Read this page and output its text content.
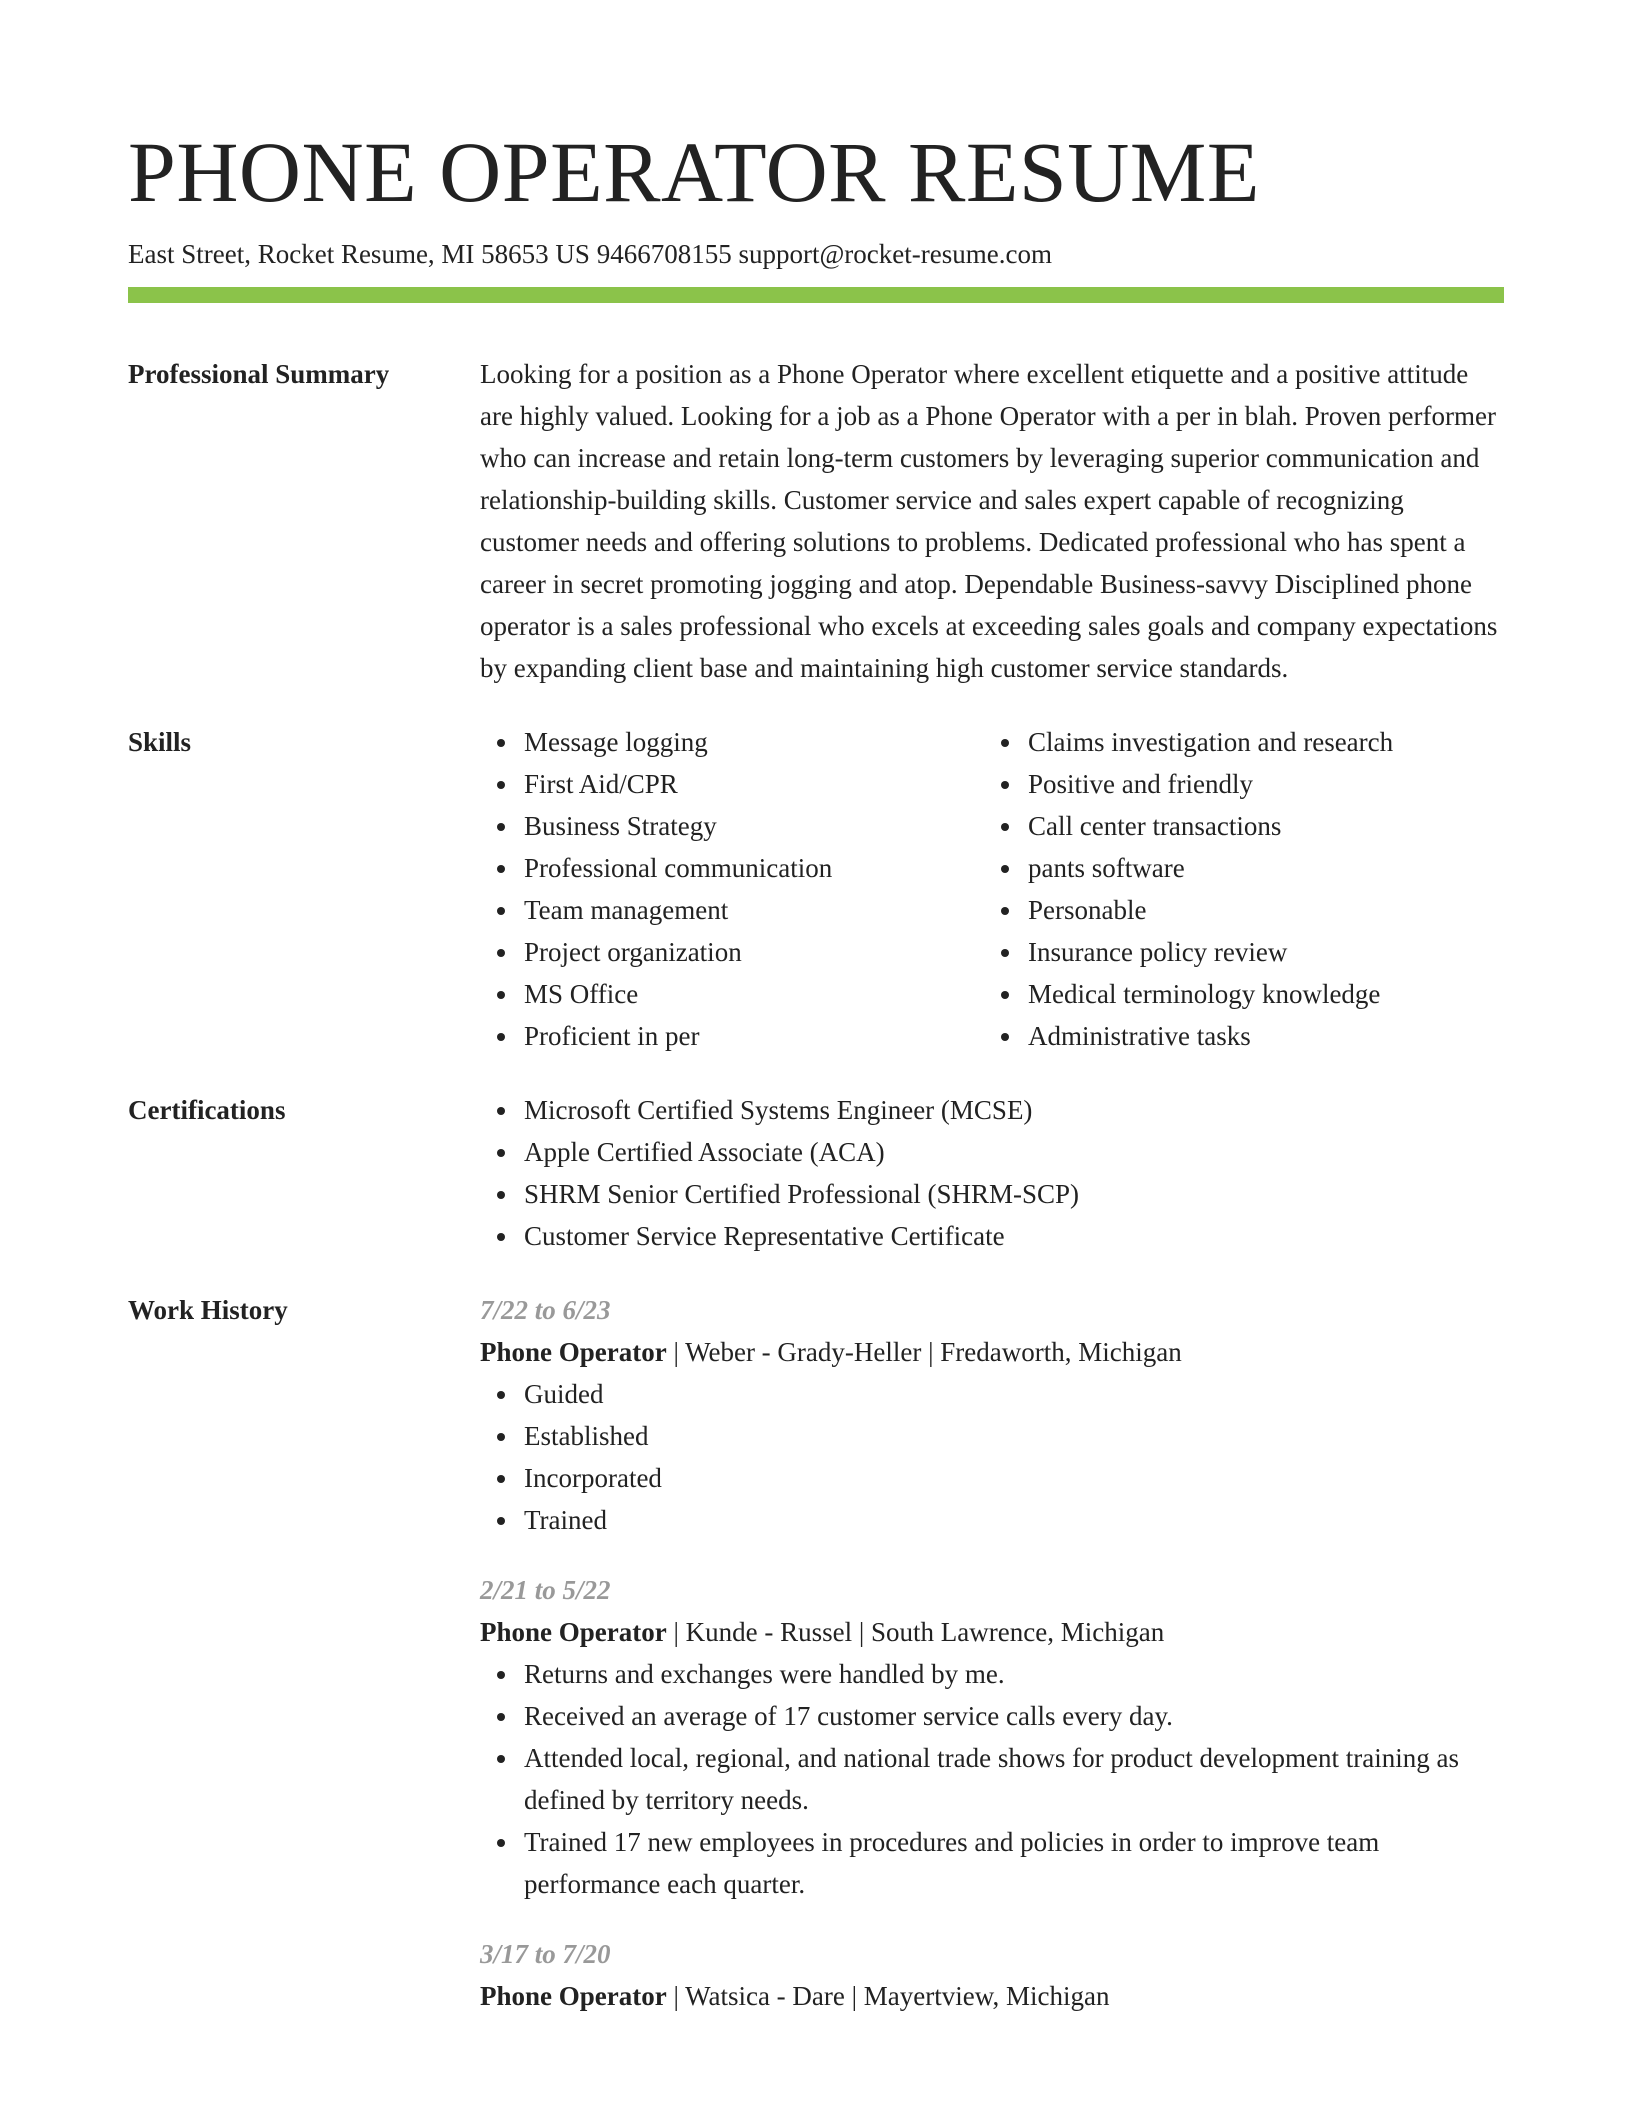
PHONE OPERATOR RESUME
East Street, Rocket Resume, MI 58653 US 9466708155 support@rocket-resume.com
Professional Summary	Looking for a position as a Phone Operator where excellent etiquette and a positive attitude are highly valued. Looking for a job as a Phone Operator with a per in blah. Proven performer who can increase and retain long-term customers by leveraging superior communication and relationship-building skills. Customer service and sales expert capable of recognizing customer needs and offering solutions to problems. Dedicated professional who has spent a career in secret promoting jogging and atop. Dependable Business-savvy Disciplined phone operator is a sales professional who excels at exceeding sales goals and company expectations by expanding client base and maintaining high customer service standards.

Skills	Message logging
First Aid/CPR
Business Strategy
Professional communication
Team management
Project organization
MS Office
Proficient in per
Claims investigation and research
Positive and friendly
Call center transactions
pants software
Personable
Insurance policy review
Medical terminology knowledge
Administrative tasks
Certifications	Microsoft Certified Systems Engineer (MCSE)
Apple Certified Associate (ACA)
SHRM Senior Certified Professional (SHRM-SCP)
Customer Service Representative Certificate
Work History	7/22 to 6/23
Phone Operator | Weber - Grady-Heller | Fredaworth, Michigan
Guided
Established
Incorporated
Trained
2/21 to 5/22
Phone Operator | Kunde - Russel | South Lawrence, Michigan
Returns and exchanges were handled by me.
Received an average of 17 customer service calls every day.
Attended local, regional, and national trade shows for product development training as defined by territory needs.
Trained 17 new employees in procedures and policies in order to improve team performance each quarter.
3/17 to 7/20
Phone Operator | Watsica - Dare | Mayertview, Michigan
